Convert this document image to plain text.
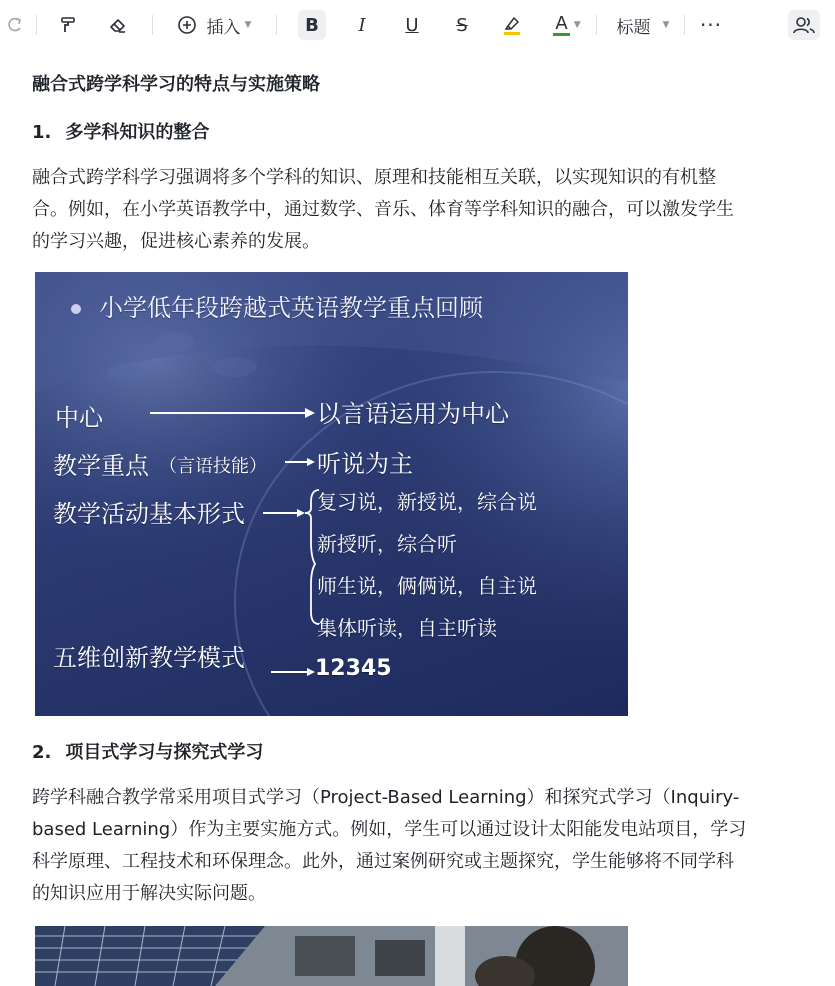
插入 ▼	B	I	U	S	A ▼ 标题 ▼ ···
融合式跨学科学习的特点与实施策略
1. 多学科知识的整合

融合式跨学科学习强调将多个学科的知识、原理和技能相互关联，以实现知识的有机整
合。例如，在小学英语教学中，通过数学、音乐、体育等学科知识的融合，可以激发学生
的学习兴趣，促进核心素养的发展。

小学低年段跨越式英语教学重点回顾
中心	以言语运用为中心
教学重点 （言语技能） 听说为主
教学活动基本形式	复习说，新授说，综合说
新授听，综合听
师生说，俩俩说，自主说
集体听读，自主听读
五维创新教学模式	12345
2. 项目式学习与探究式学习

跨学科融合教学常采用项目式学习（Project-Based Learning）和探究式学习（Inquiry-
based Learning）作为主要实施方式。例如，学生可以通过设计太阳能发电站项目，学习
科学原理、工程技术和环保理念。此外，通过案例研究或主题探究，学生能够将不同学科
的知识应用于解决实际问题。
